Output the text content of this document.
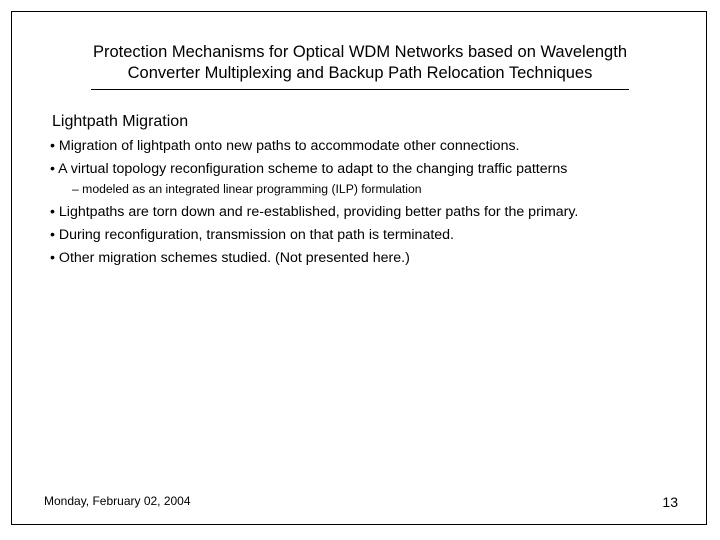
Protection Mechanisms for Optical WDM Networks based on Wavelength
Converter Multiplexing and Backup Path Relocation Techniques
Lightpath Migration
• Migration of lightpath onto new paths to accommodate other connections.
• A virtual topology reconfiguration scheme to adapt to the changing traffic patterns
– modeled as an integrated linear programming (ILP) formulation
• Lightpaths are torn down and re-established, providing better paths for the primary.
• During reconfiguration, transmission on that path is terminated.
• Other migration schemes studied. (Not presented here.)
Monday, February 02, 2004	13
